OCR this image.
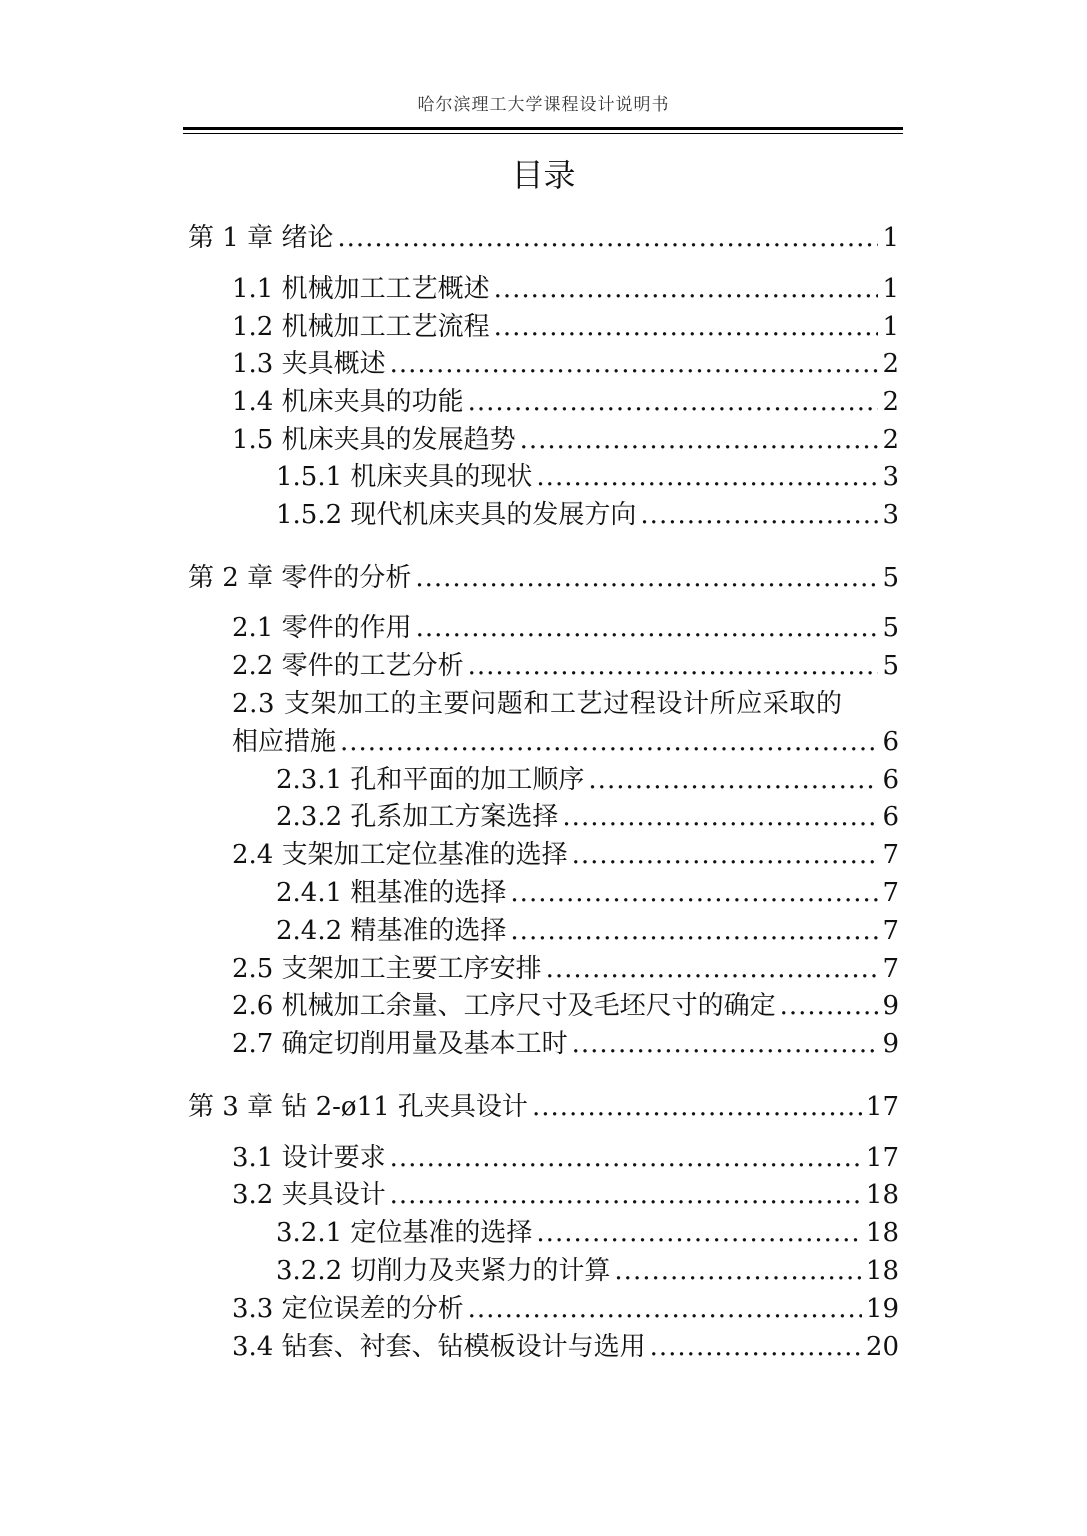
哈尔滨理工大学课程设计说明书
目录
第 1 章 绪论 .....	1
1.1 机械加工工艺概述 .....	1
1.2 机械加工工艺流程 .....	1
1.3 夹具概述 .....	2
1.4 机床夹具的功能 .....	2
1.5 机床夹具的发展趋势 .....	2
1.5.1 机床夹具的现状 .....	3
1.5.2 现代机床夹具的发展方向 .....	3
第 2 章 零件的分析 .....	5
2.1 零件的作用 .....	5
2.2 零件的工艺分析 .....	5
2.3 支架加工的主要问题和工艺过程设计所应采取的
相应措施 .....	6
2.3.1 孔和平面的加工顺序 .....	6
2.3.2 孔系加工方案选择 .....	6
2.4 支架加工定位基准的选择 .....	7
2.4.1 粗基准的选择 .....	7
2.4.2 精基准的选择 .....	7
2.5 支架加工主要工序安排 .....	7
2.6 机械加工余量、工序尺寸及毛坯尺寸的确定 .....	9
2.7 确定切削用量及基本工时 .....	9
第 3 章 钻 2-ø11 孔夹具设计 .....	17
3.1 设计要求 .....	17
3.2 夹具设计 .....	18
3.2.1 定位基准的选择 .....	18
3.2.2 切削力及夹紧力的计算 .....	18
3.3 定位误差的分析 .....	19
3.4 钻套、衬套、钻模板设计与选用 .....	20
